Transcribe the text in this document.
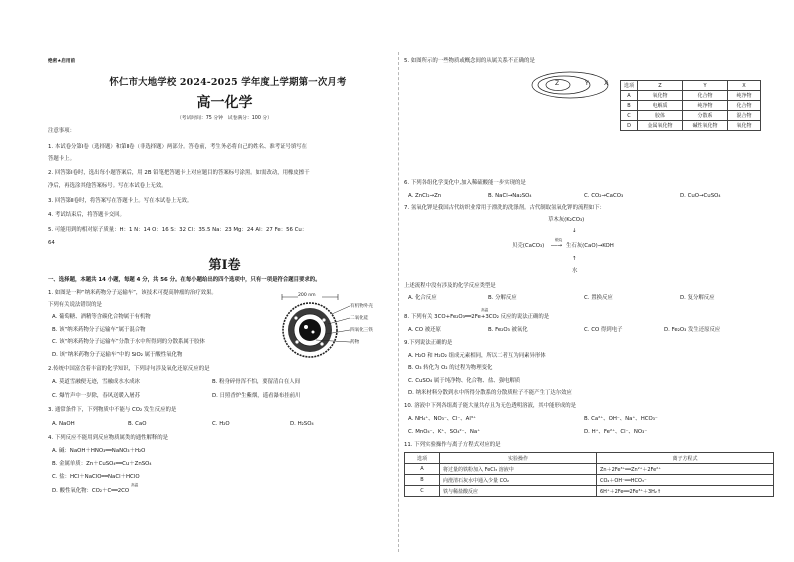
绝密★启用前
怀仁市大地学校 2024-2025 学年度上学期第一次月考
高一化学
（考试时间：75 分钟　试卷满分：100 分）
注意事项：
1. 本试卷分第Ⅰ卷（选择题）和第Ⅱ卷（非选择题）两部分。答卷前，考生务必将自己的姓名、准考证号填写在
答题卡上。
2. 回答第Ⅰ卷时，选出每小题答案后，用 2B 铅笔把答题卡上对应题目的答案标号涂黑。如需改动，用橡皮擦干
净后，再选涂其他答案标号。写在本试卷上无效。
3. 回答第Ⅱ卷时，将答案写在答题卡上。写在本试卷上无效。
4. 考试结束后，将答题卡交回。
5. 可能用到的相对原子质量：H：1 N：14 O：16 S：32 Cl：35.5 Na：23 Mg：24 Al：27 Fe：56 Cu：
64
第Ⅰ卷
一、选择题，本题共 14 小题，每题 4 分，共 56 分。在每小题给出的四个选项中，只有一项是符合题目要求的。
1. 如图是一种“纳米药物分子运输车”，该技术可提高肿瘤的治疗效果。
下列有关说法错误的是
A. 葡萄糖、酒精等含碳化合物属于有机物
B. 该“纳米药物分子运输车”属于混合物
C. 该“纳米药物分子运输车”分散于水中所得到的分散系属于胶体
D. 该“纳米药物分子运输车”中的 SiO₂ 属于酸性氧化物
200 nm
有机物外壳
二氧化硅
四氧化三铁
药物
2.传统中国富含着丰富的化学知识，下列诗句涉及氧化还原反应的是
A. 莫道雪融便无迹，雪融成水水成冰	B. 粉身碎骨浑不怕，要留清白在人间
C. 爆竹声中一岁除，春风送暖入屠苏	D. 日照香炉生紫烟，遥看瀑布挂前川
3. 通常条件下，下列物质中不能与 CO₂ 发生反应的是
A. NaOH	B. CaO	C. H₂O	D. H₂SO₄
4. 下列反应不能用到反应物质属类的通性解释的是
A. 碱：NaOH＋HNO₃══NaNO₃＋H₂O
B. 金属单质：Zn＋CuSO₄══Cu＋ZnSO₄
C. 盐：HCl＋NaClO══NaCl＋HClO
D. 酸性氧化物：CO₂＋C══2CO
高温
5. 如图所示的一些物质或概念间的从属关系不正确的是
Z	Y	X	选项	Z	Y	X
A	氧化物	化合物	纯净物
B	电解质	纯净物	化合物
C	胶体	分散系	混合物
D	金属氧化物	碱性氧化物	氧化物
6. 下列各组化学变化中,加入稀硫酸能一步实现的是
A. ZnCl₂→Zn	B. NaCl→Na₂SO₄	C. CO₂→CaCO₃	D. CuO→CuSO₄
7. 氢氧化钾是我国古代纺织业常用于漂洗的洗涤剂。古代制取氢氧化钾的流程如下：
草木灰(K₂CO₃)
↓
贝壳(CaCO₃) ──→
煅烧
生石灰(CaO)→KOH
↑
水
上述流程中没有涉及的化学反应类型是
A. 化合反应	B. 分解反应	C. 置换反应	D. 复分解反应
8. 下列有关 3CO+Fe₂O₃══2Fe+3CO₂ 反应的说法正确的是
高温
A. CO 被还原	B. Fe₂O₃ 被氧化	C. CO 得到电子	D. Fe₂O₃ 发生还原反应
9.下列说法正确的是
A. H₂O 和 H₂O₂ 组成元素相同，所以二者互为同素异形体
B. O₃ 转化为 O₂ 的过程为物理变化
C. CuSO₄ 属于纯净物、化合物、盐、强电解质
D. 纳米材料分散到水中所得分散系的分散质粒子不能产生丁达尔效应
10. 溶液中下列各组离子能大量共存且为无色透明溶液，其中能形成的是
A. NH₄⁺、NO₃⁻、Cl⁻、Al³⁺	B. Ca²⁺、OH⁻、Na⁺、HCO₃⁻
C. MnO₄⁻、K⁺、SO₄²⁻、Na⁺	D. H⁺、Fe²⁺、Cl⁻、NO₃⁻
11. 下列实验操作与离子方程式对应的是
选项	实验操作	离子方程式
A	将过量的铁粉加入 FeCl₃ 溶液中	Zn＋2Fe³⁺══Zn²⁺＋2Fe²⁺
B	向澄清石灰水中通入少量 CO₂	CO₂＋OH⁻══HCO₃⁻
C	铁与稀盐酸反应	6H⁺＋2Fe══2Fe³⁺＋3H₂↑
